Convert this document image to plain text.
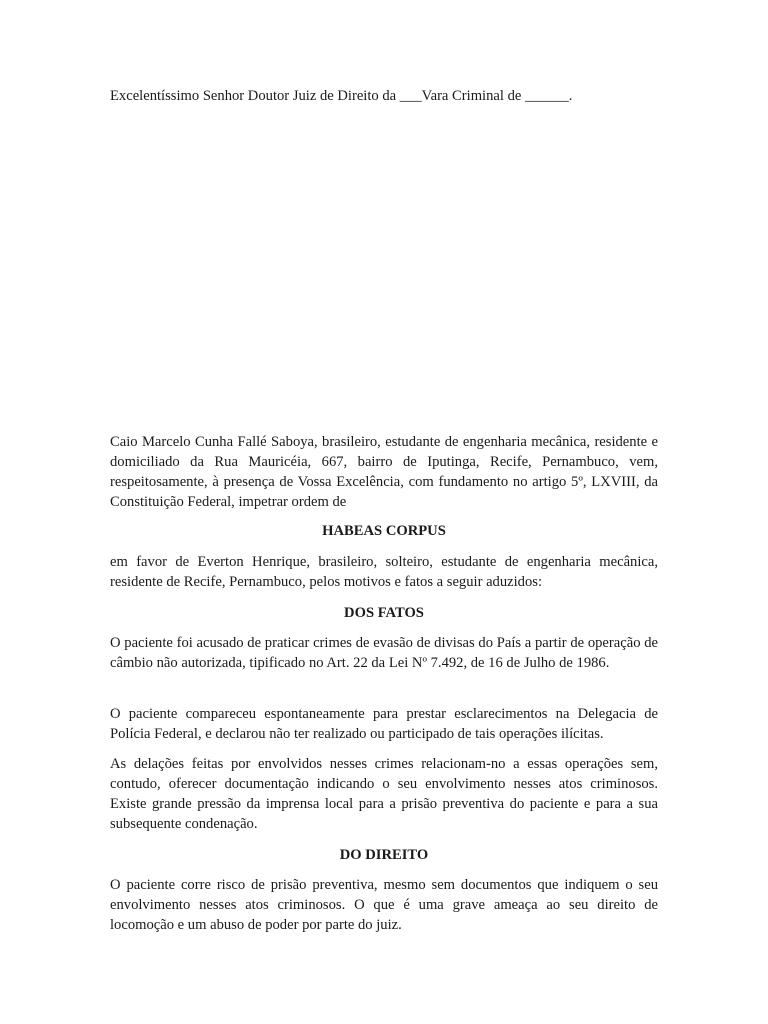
Excelentíssimo Senhor Doutor Juiz de Direito da ___Vara Criminal de ______.

Caio Marcelo Cunha Fallé Saboya, brasileiro, estudante de engenharia mecânica, residente e domiciliado da Rua Mauricéia, 667, bairro de Iputinga, Recife, Pernambuco, vem, respeitosamente, à presença de Vossa Excelência, com fundamento no artigo 5º, LXVIII, da Constituição Federal, impetrar ordem de

HABEAS CORPUS

em favor de Everton Henrique, brasileiro, solteiro, estudante de engenharia mecânica, residente de Recife, Pernambuco, pelos motivos e fatos a seguir aduzidos:

DOS FATOS

O paciente foi acusado de praticar crimes de evasão de divisas do País a partir de operação de câmbio não autorizada, tipificado no Art. 22 da Lei Nº 7.492, de 16 de Julho de 1986.

O paciente compareceu espontaneamente para prestar esclarecimentos na Delegacia de Polícia Federal, e declarou não ter realizado ou participado de tais operações ilícitas.

As delações feitas por envolvidos nesses crimes relacionam-no a essas operações sem, contudo, oferecer documentação indicando o seu envolvimento nesses atos criminosos. Existe grande pressão da imprensa local para a prisão preventiva do paciente e para a sua subsequente condenação.

DO DIREITO

O paciente corre risco de prisão preventiva, mesmo sem documentos que indiquem o seu envolvimento nesses atos criminosos. O que é uma grave ameaça ao seu direito de locomoção e um abuso de poder por parte do juiz.
